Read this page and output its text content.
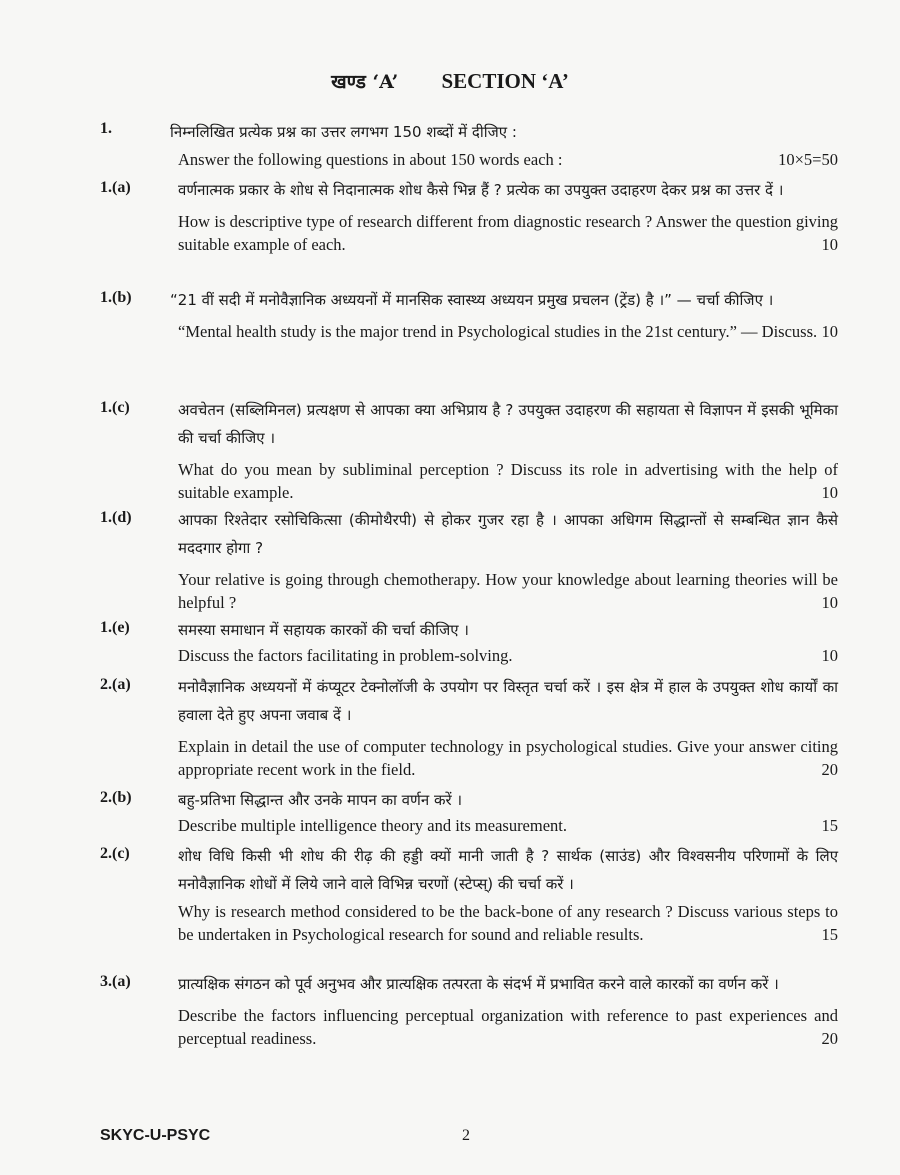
खण्ड ‘A’ SECTION ‘A’
1.	निम्नलिखित प्रत्येक प्रश्न का उत्तर लगभग 150 शब्दों में दीजिए :

Answer the following questions in about 150 words each :	10×5=50
1.(a)	वर्णनात्मक प्रकार के शोध से निदानात्मक शोध कैसे भिन्न हैं ? प्रत्येक का उपयुक्त उदाहरण देकर प्रश्न का उत्तर दें ।

How is descriptive type of research different from diagnostic research ? Answer the question giving suitable example of each.	10
1.(b)	“21 वीं सदी में मनोवैज्ञानिक अध्ययनों में मानसिक स्वास्थ्य अध्ययन प्रमुख प्रचलन (ट्रेंड) है ।” — चर्चा कीजिए ।

“Mental health study is the major trend in Psychological studies in the 21st century.” — Discuss. 10
1.(c)	अवचेतन (सब्लिमिनल) प्रत्यक्षण से आपका क्या अभिप्राय है ? उपयुक्त उदाहरण की सहायता से विज्ञापन में इसकी भूमिका की चर्चा कीजिए ।

What do you mean by subliminal perception ? Discuss its role in advertising with the help of suitable example.	10
1.(d)	आपका रिश्तेदार रसोचिकित्सा (कीमोथैरपी) से होकर गुजर रहा है । आपका अधिगम सिद्धान्तों से सम्बन्धित ज्ञान कैसे मददगार होगा ?

Your relative is going through chemotherapy. How your knowledge about learning theories will be helpful ?	10
1.(e)	समस्या समाधान में सहायक कारकों की चर्चा कीजिए ।

Discuss the factors facilitating in problem-solving.	10
2.(a)	मनोवैज्ञानिक अध्ययनों में कंप्यूटर टेक्नोलॉजी के उपयोग पर विस्तृत चर्चा करें । इस क्षेत्र में हाल के उपयुक्त शोध कार्यों का हवाला देते हुए अपना जवाब दें ।

Explain in detail the use of computer technology in psychological studies. Give your answer citing appropriate recent work in the field.	20
2.(b)	बहु-प्रतिभा सिद्धान्त और उनके मापन का वर्णन करें ।

Describe multiple intelligence theory and its measurement.	15
2.(c)	शोध विधि किसी भी शोध की रीढ़ की हड्डी क्यों मानी जाती है ? सार्थक (साउंड) और विश्वसनीय परिणामों के लिए मनोवैज्ञानिक शोधों में लिये जाने वाले विभिन्न चरणों (स्टेप्स्) की चर्चा करें ।

Why is research method considered to be the back-bone of any research ? Discuss various steps to be undertaken in Psychological research for sound and reliable results.	15
3.(a)	प्रात्यक्षिक संगठन को पूर्व अनुभव और प्रात्यक्षिक तत्परता के संदर्भ में प्रभावित करने वाले कारकों का वर्णन करें ।

Describe the factors influencing perceptual organization with reference to past experiences and perceptual readiness.	20
SKYC-U-PSYC	2
